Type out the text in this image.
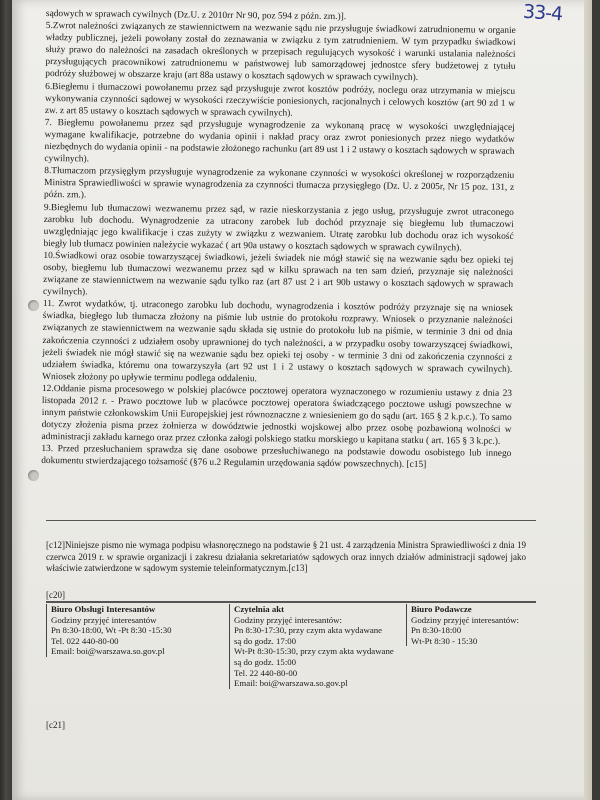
33-4

sądowych w sprawach cywilnych (Dz.U. z 2010rr Nr 90, poz 594 z późn. zm.)].

5.Zwrot należności związanych ze stawiennictwem na wezwanie sądu nie przysługuje świadkowi zatrudnionemu w organie władzy publicznej, jeżeli powołany został do zeznawania w związku z tym zatrudnieniem. W tym przypadku świadkowi służy prawo do należności na zasadach określonych w przepisach regulujących wysokość i warunki ustalania należności przysługujących pracownikowi zatrudnionemu w państwowej lub samorządowej jednostce sfery budżetowej z tytułu podróży służbowej w obszarze kraju (art 88a ustawy o kosztach sądowych w sprawach cywilnych).

6.Biegłemu i tłumaczowi powołanemu przez sąd przysługuje zwrot kosztów podróży, noclegu oraz utrzymania w miejscu wykonywania czynności sądowej w wysokości rzeczywiście poniesionych, racjonalnych i celowych kosztów (art 90 zd 1 w zw. z art 85 ustawy o kosztach sądowych w sprawach cywilnych).

7. Biegłemu powołanemu przez sąd przysługuje wynagrodzenie za wykonaną pracę w wysokości uwzględniającej wymagane kwalifikacje, potrzebne do wydania opinii i nakład pracy oraz zwrot poniesionych przez niego wydatków niezbędnych do wydania opinii - na podstawie złożonego rachunku (art 89 ust 1 i 2 ustawy o kosztach sądowych w sprawach cywilnych).

8.Tłumaczom przysięgłym przysługuje wynagrodzenie za wykonane czynności w wysokości określonej w rozporządzeniu Ministra Sprawiedliwości w sprawie wynagrodzenia za czynności tłumacza przysięgłego (Dz. U. z 2005r, Nr 15 poz. 131, z późn. zm.).

9.Biegłemu lub tłumaczowi wezwanemu przez sąd, w razie nieskorzystania z jego usług, przysługuje zwrot utraconego zarobku lub dochodu. Wynagrodzenie za utracony zarobek lub dochód przyznaje się biegłemu lub tłumaczowi uwzględniając jego kwalifikacje i czas zużyty w związku z wezwaniem. Utratę zarobku lub dochodu oraz ich wysokość biegły lub tłumacz powinien należycie wykazać ( art 90a ustawy o kosztach sądowych w sprawach cywilnych).

10.Świadkowi oraz osobie towarzyszącej świadkowi, jeżeli świadek nie mógł stawić się na wezwanie sądu bez opieki tej osoby, biegłemu lub tłumaczowi wezwanemu przez sąd w kilku sprawach na ten sam dzień, przyznaje się należności związane ze stawiennictwem na wezwanie sądu tylko raz (art 87 ust 2 i art 90b ustawy o kosztach sądowych w sprawach cywilnych).

11. Zwrot wydatków, tj. utraconego zarobku lub dochodu, wynagrodzenia i kosztów podróży przyznaje się na wniosek świadka, biegłego lub tłumacza złożony na piśmie lub ustnie do protokołu rozprawy. Wniosek o przyznanie należności związanych ze stawiennictwem na wezwanie sądu składa się ustnie do protokołu lub na piśmie, w terminie 3 dni od dnia zakończenia czynności z udziałem osoby uprawnionej do tych należności, a w przypadku osoby towarzyszącej świadkowi, jeżeli świadek nie mógł stawić się na wezwanie sądu bez opieki tej osoby - w terminie 3 dni od zakończenia czynności z udziałem świadka, któremu ona towarzyszyła (art 92 ust 1 i 2 ustawy o kosztach sądowych w sprawach cywilnych). Wniosek złożony po upływie terminu podlega oddaleniu.

12.Oddanie pisma procesowego w polskiej placówce pocztowej operatora wyznaczonego w rozumieniu ustawy z dnia 23 listopada 2012 r. - Prawo pocztowe lub w placówce pocztowej operatora świadczącego pocztowe usługi powszechne w innym państwie członkowskim Unii Europejskiej jest równoznaczne z wniesieniem go do sądu (art. 165 § 2 k.p.c.). To samo dotyczy złożenia pisma przez żołnierza w dowództwie jednostki wojskowej albo przez osobę pozbawioną wolności w administracji zakładu karnego oraz przez członka załogi polskiego statku morskiego u kapitana statku ( art. 165 § 3 k.pc.).

13. Przed przesłuchaniem sprawdza się dane osobowe przesłuchiwanego na podstawie dowodu osobistego lub innego dokumentu stwierdzającego tożsamość (§76 u.2 Regulamin urzędowania sądów powszechnych). [c15]

[c12]Niniejsze pismo nie wymaga podpisu własnoręcznego na podstawie § 21 ust. 4 zarządzenia Ministra Sprawiedliwości z dnia 19 czerwca 2019 r. w sprawie organizacji i zakresu działania sekretariatów sądowych oraz innych działów administracji sądowej jako właściwie zatwierdzone w sądowym systemie teleinformatycznym.[c13]
[c20]
Biuro Obsługi Interesantów
Godziny przyjęć interesantów
Pn 8:30-18:00, Wt -Pt 8:30 -15:30
Tel. 022 440-80-00
Email: boi@warszawa.so.gov.pl
Czytelnia akt
Godziny przyjęć interesantów:
Pn 8:30-17:30, przy czym akta wydawane
są do godz. 17:00
Wt-Pt 8:30-15:30, przy czym akta wydawane
są do godz. 15:00
Tel. 22 440-80-00
Email: boi@warszawa.so.gov.pl
Biuro Podawcze
Godziny przyjęć interesantów:
Pn 8:30-18:00
Wt-Pt 8:30 - 15:30
[c21]
